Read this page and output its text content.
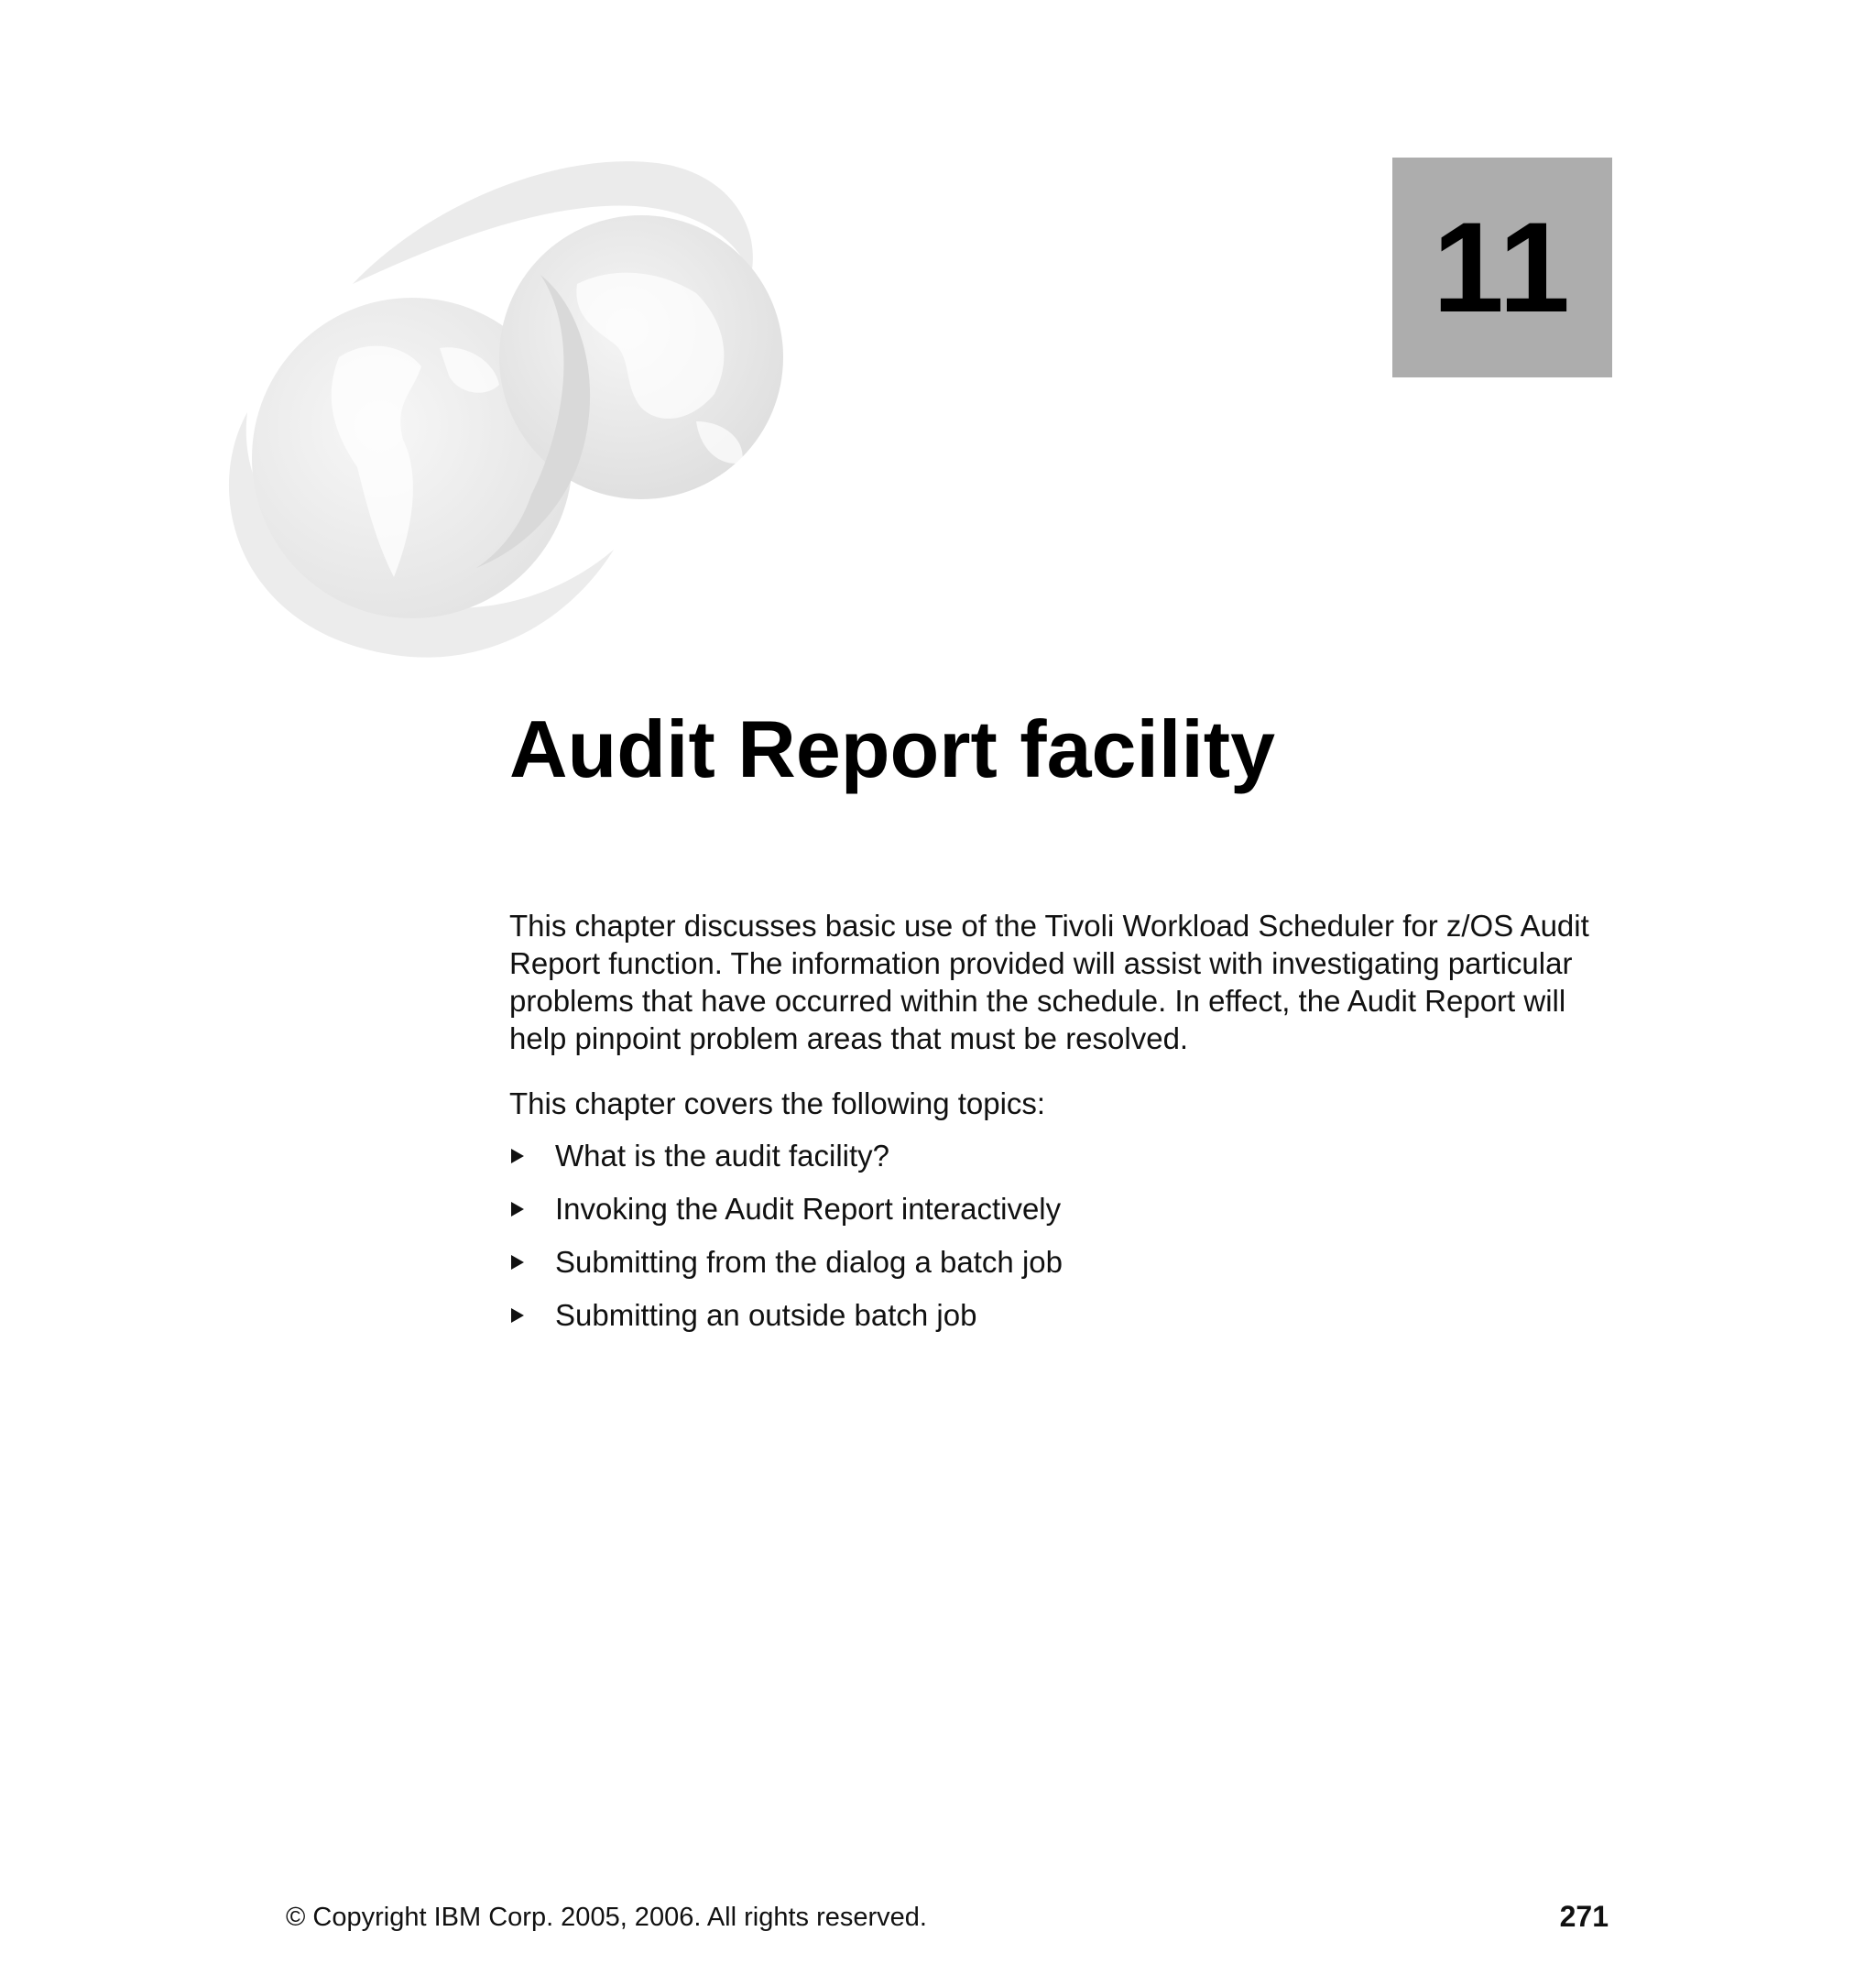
11
Audit Report facility

This chapter discusses basic use of the Tivoli Workload Scheduler for z/OS Audit Report function. The information provided will assist with investigating particular problems that have occurred within the schedule. In effect, the Audit Report will help pinpoint problem areas that must be resolved.

This chapter covers the following topics:

What is the audit facility?
Invoking the Audit Report interactively
Submitting from the dialog a batch job
Submitting an outside batch job
© Copyright IBM Corp. 2005, 2006. All rights reserved.	271
